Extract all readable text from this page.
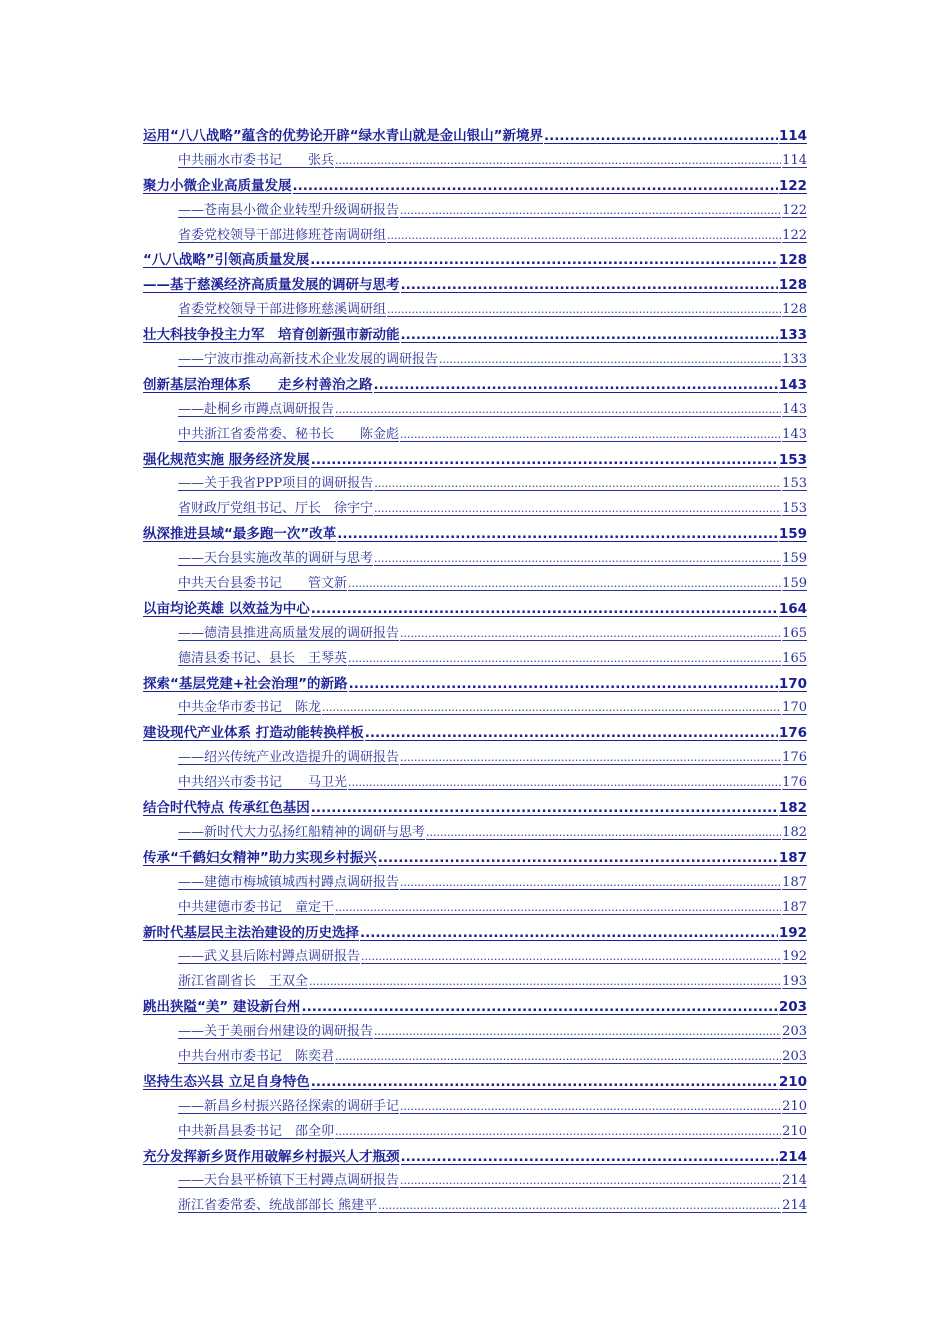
运用“八八战略”蕴含的优势论开辟“绿水青山就是金山银山”新境界 .....	114
中共丽水市委书记　　张兵 .....	114
聚力小微企业高质量发展 .....	122
——苍南县小微企业转型升级调研报告 .....	122
省委党校领导干部进修班苍南调研组 .....	122
“八八战略”引领高质量发展 .....	128
——基于慈溪经济高质量发展的调研与思考 .....	128
省委党校领导干部进修班慈溪调研组 .....	128
壮大科技争投主力军　培育创新强市新动能 .....	133
——宁波市推动高新技术企业发展的调研报告 .....	133
创新基层治理体系　　走乡村善治之路 .....	143
——赴桐乡市蹲点调研报告 .....	143
中共浙江省委常委、秘书长　　陈金彪 .....	143
强化规范实施 服务经济发展 .....	153
——关于我省PPP项目的调研报告 .....	153
省财政厅党组书记、厅长　徐宇宁 .....	153
纵深推进县域“最多跑一次”改革 .....	159
——天台县实施改革的调研与思考 .....	159
中共天台县委书记　　管文新 .....	159
以亩均论英雄 以效益为中心 .....	164
——德清县推进高质量发展的调研报告 .....	165
德清县委书记、县长　王琴英 .....	165
探索“基层党建+社会治理”的新路 .....	170
中共金华市委书记　陈龙 .....	170
建设现代产业体系 打造动能转换样板 .....	176
——绍兴传统产业改造提升的调研报告 .....	176
中共绍兴市委书记　　马卫光 .....	176
结合时代特点 传承红色基因 .....	182
——新时代大力弘扬红船精神的调研与思考 .....	182
传承“千鹤妇女精神”助力实现乡村振兴 .....	187
——建德市梅城镇城西村蹲点调研报告 .....	187
中共建德市委书记　童定干 .....	187
新时代基层民主法治建设的历史选择 .....	192
——武义县后陈村蹲点调研报告 .....	192
浙江省副省长　王双全 .....	193
跳出狭隘“美” 建设新台州 .....	203
——关于美丽台州建设的调研报告 .....	203
中共台州市委书记　陈奕君 .....	203
坚持生态兴县 立足自身特色 .....	210
——新昌乡村振兴路径探索的调研手记 .....	210
中共新昌县委书记　邵全卯 .....	210
充分发挥新乡贤作用破解乡村振兴人才瓶颈 .....	214
——天台县平桥镇下王村蹲点调研报告 .....	214
浙江省委常委、统战部部长 熊建平 .....	214
